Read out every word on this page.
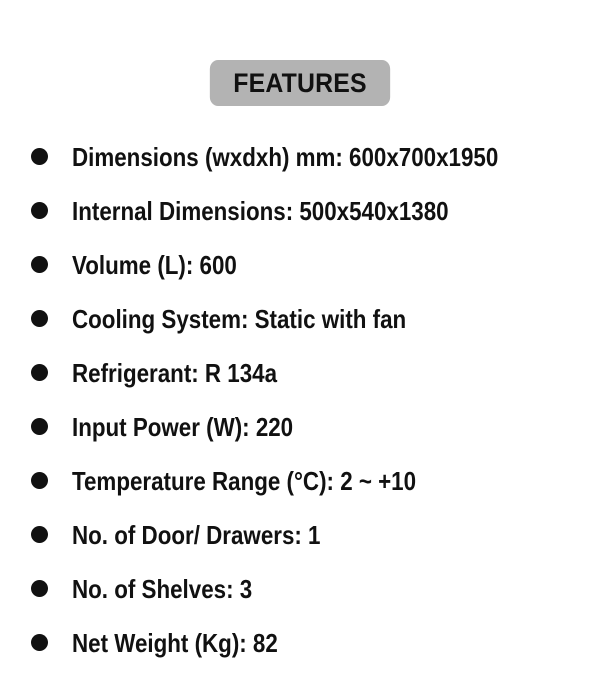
FEATURES
Dimensions (wxdxh) mm: 600x700x1950
Internal Dimensions: 500x540x1380
Volume (L): 600
Cooling System: Static with fan
Refrigerant: R 134a
Input Power (W): 220
Temperature Range (°C): 2 ~ +10
No. of Door/ Drawers: 1
No. of Shelves: 3
Net Weight (Kg): 82
